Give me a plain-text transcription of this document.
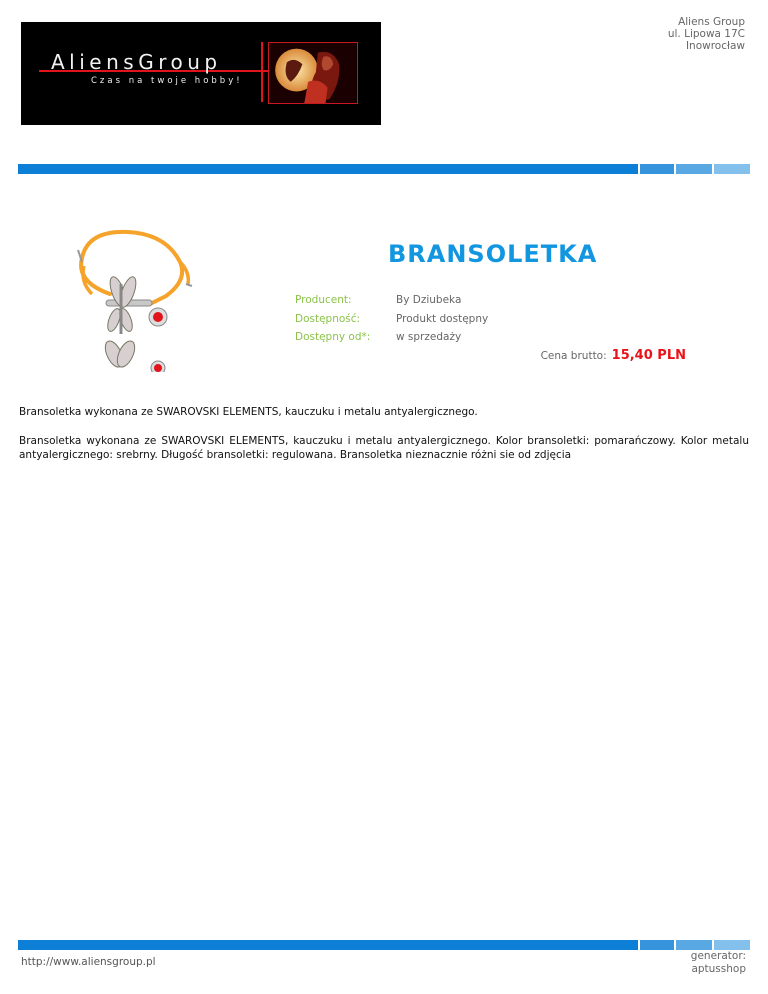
AliensGroup
Czas na twoje hobby!
Aliens Group
ul. Lipowa 17C
Inowrocław
BRANSOLETKA
Producent:	By Dziubeka
Dostępność:	Produkt dostępny
Dostępny od*:	w sprzedaży
Cena brutto: 15,40 PLN

Bransoletka wykonana ze SWAROVSKI ELEMENTS, kauczuku i metalu antyalergicznego.

Bransoletka wykonana ze SWAROVSKI ELEMENTS, kauczuku i metalu antyalergicznego. Kolor bransoletki: pomarańczowy. Kolor metalu antyalergicznego: srebrny. Długość bransoletki: regulowana. Bransoletka nieznacznie różni sie od zdjęcia

http://www.aliensgroup.pl	generator:
aptusshop
